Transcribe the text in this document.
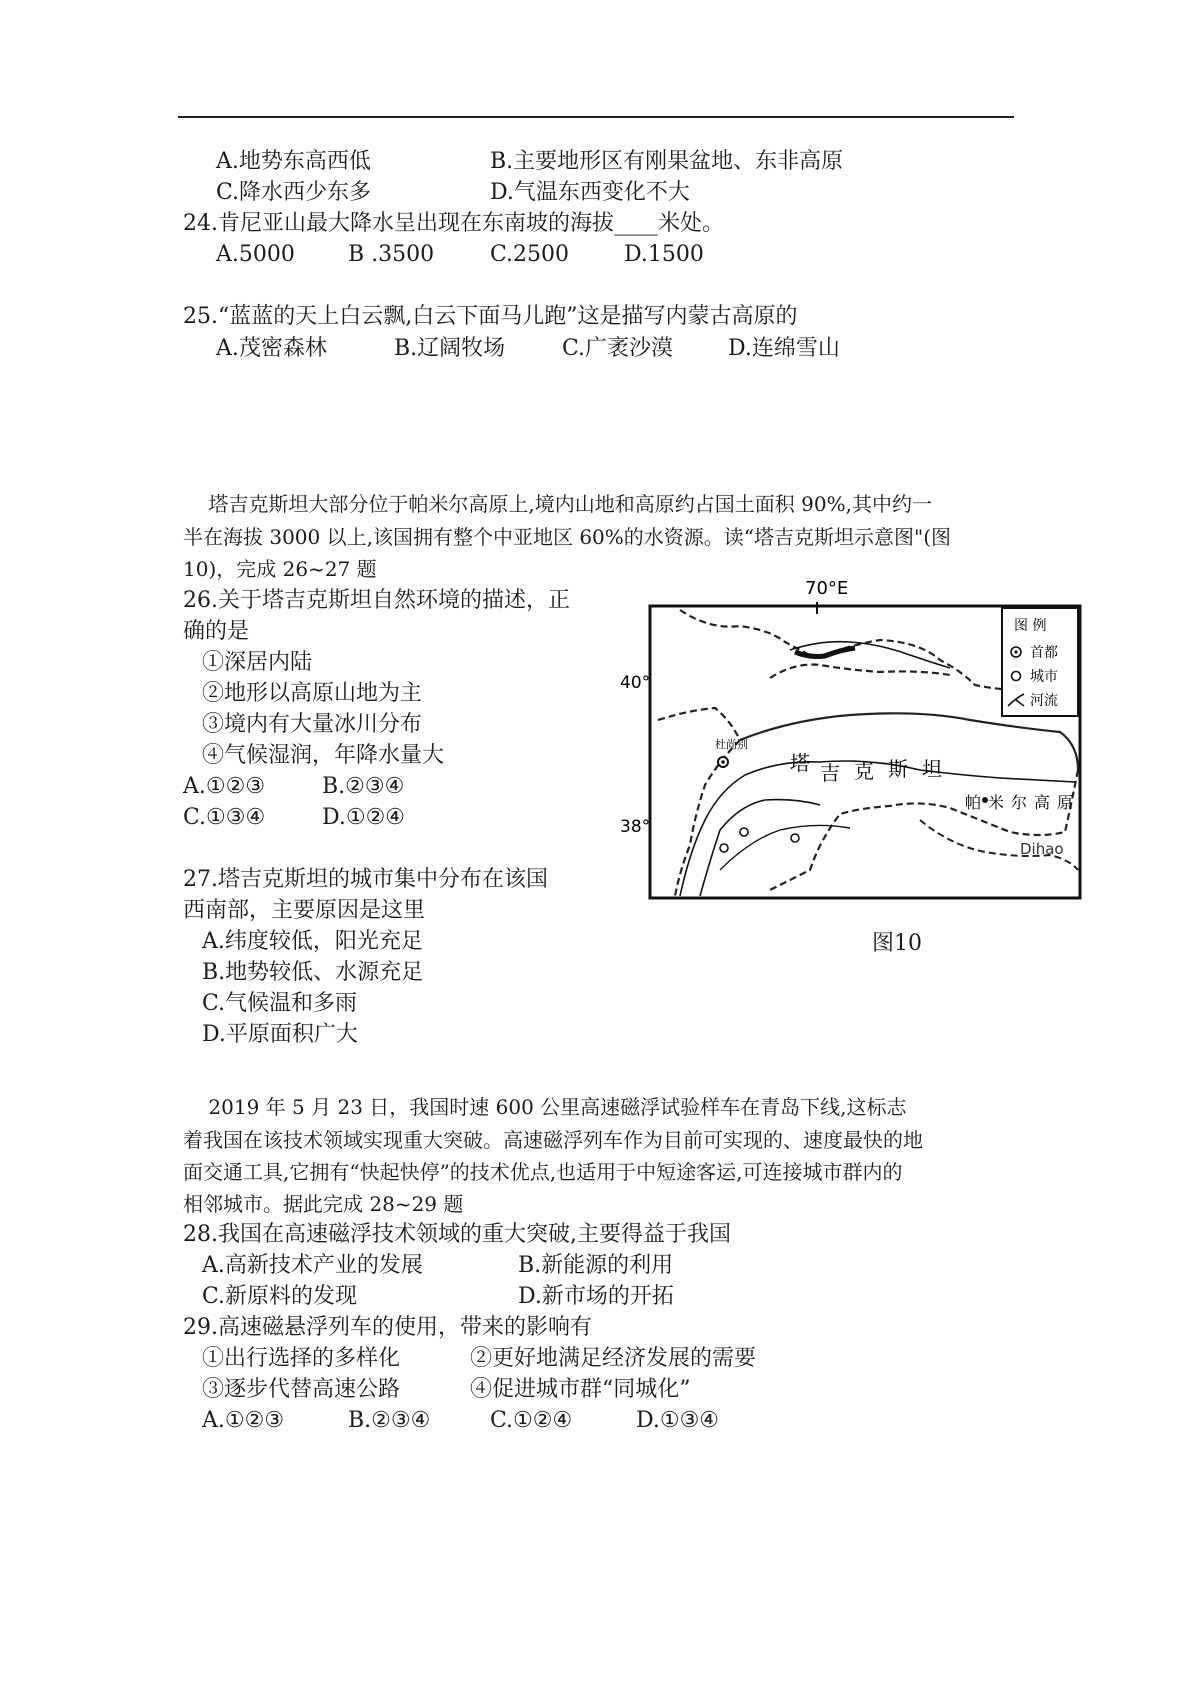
A.地势东高西低	B.主要地形区有刚果盆地、东非高原
C.降水西少东多	D.气温东西变化不大
24.肯尼亚山最大降水呈出现在东南坡的海拔____米处。
A.5000 B .3500	C.2500 D.1500
25.“蓝蓝的天上白云飘,白云下面马儿跑”这是描写内蒙古高原的
A.茂密森林	B.辽阔牧场	C.广袤沙漠 D.连绵雪山
塔吉克斯坦大部分位于帕米尔高原上,境内山地和高原约占国土面积 90%,其中约一
半在海拔 3000 以上,该国拥有整个中亚地区 60%的水资源。读“塔吉克斯坦示意图"(图
10)，完成 26~27 题
26.关于塔吉克斯坦自然环境的描述，正
确的是
①深居内陆
②地形以高原山地为主
③境内有大量冰川分布
④气候湿润，年降水量大
A.①②③	B.②③④
C.①③④	D.①②④
27.塔吉克斯坦的城市集中分布在该国
西南部，主要原因是这里
A.纬度较低，阳光充足
B.地势较低、水源充足
C.气候温和多雨
D.平原面积广大
70°E
40°
38°
杜尚别
塔 吉 克 斯 坦
帕 米 尔 高 原
Dihao
图 例
首都
城市
河流
图10
2019 年 5 月 23 日，我国时速 600 公里高速磁浮试验样车在青岛下线,这标志
着我国在该技术领域实现重大突破。高速磁浮列车作为目前可实现的、速度最快的地
面交通工具,它拥有“快起快停”的技术优点,也适用于中短途客运,可连接城市群内的
相邻城市。据此完成 28~29 题
28.我国在高速磁浮技术领域的重大突破,主要得益于我国
A.高新技术产业的发展	B.新能源的利用
C.新原料的发现	D.新市场的开拓
29.高速磁悬浮列车的使用，带来的影响有
①出行选择的多样化	②更好地满足经济发展的需要
③逐步代替高速公路	④促进城市群“同城化”
A.①②③	B.②③④	C.①②④	D.①③④
